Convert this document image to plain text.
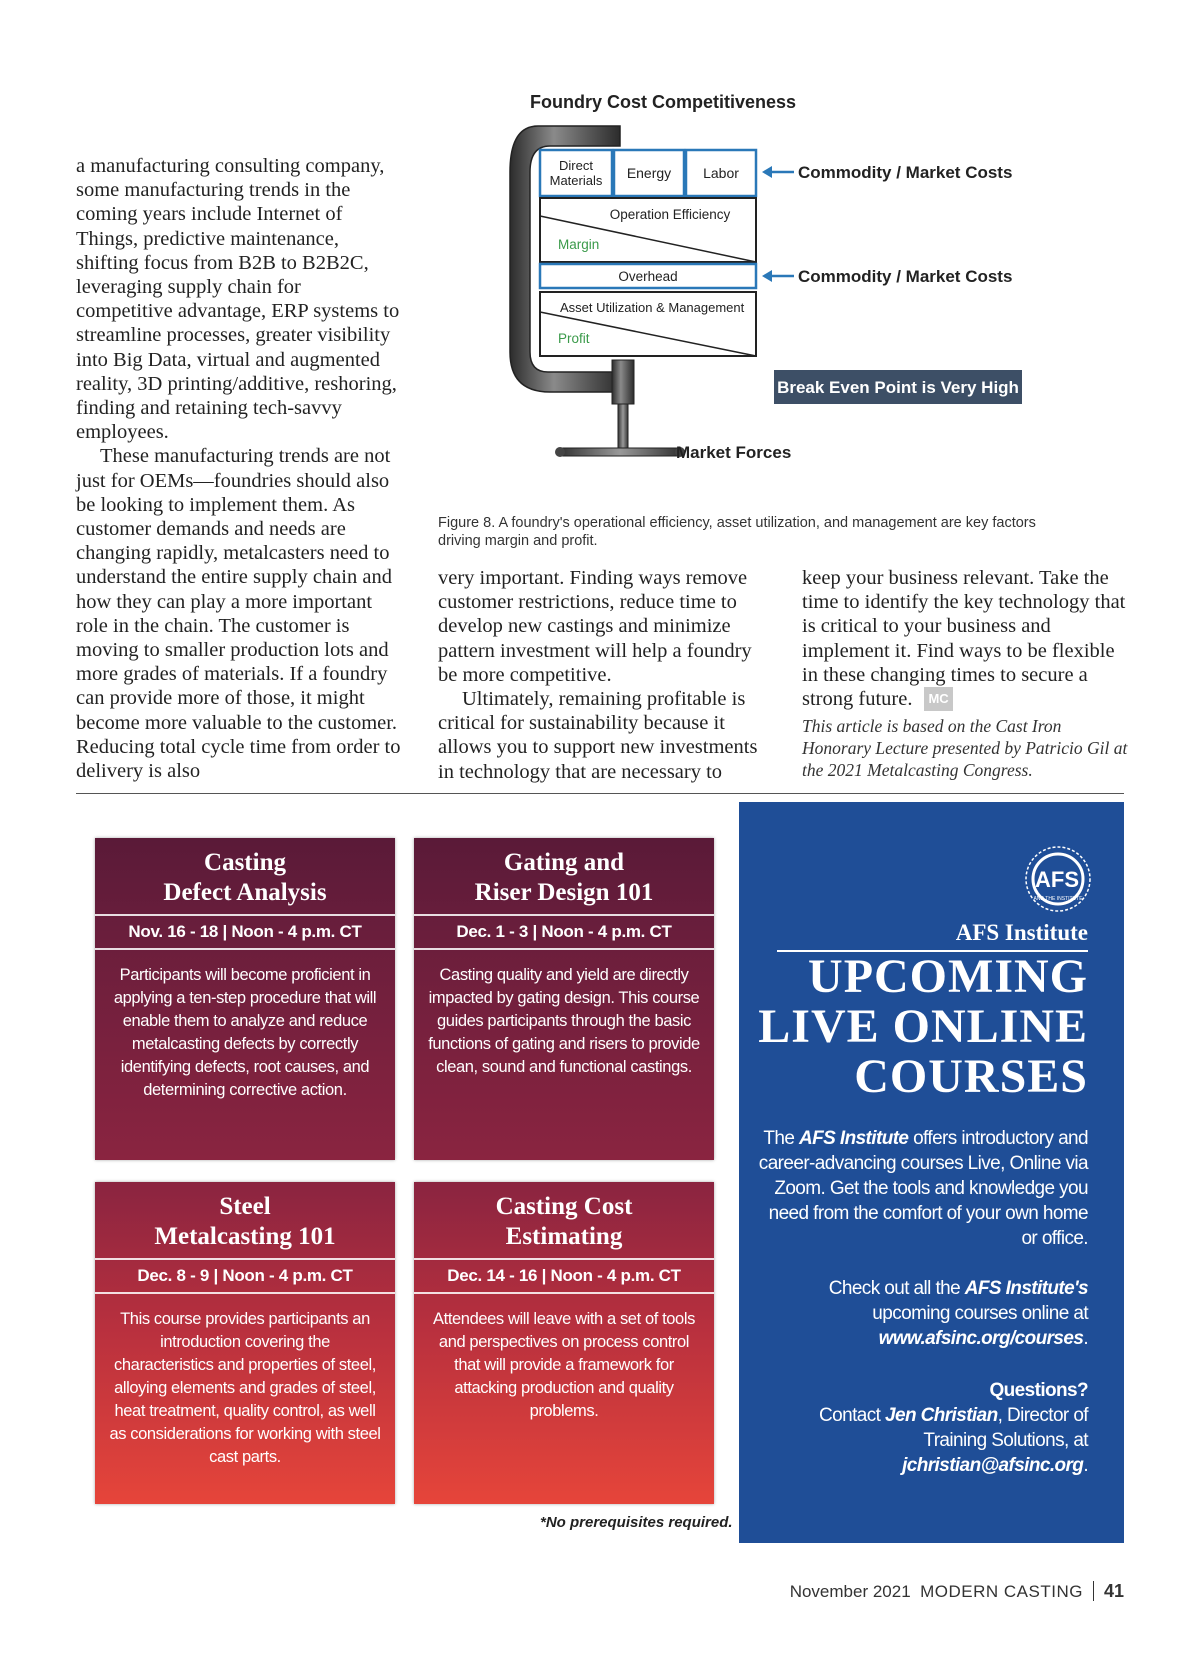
a manufacturing consulting company, some manufacturing trends in the coming years include Internet of Things, predictive maintenance, shifting focus from B2B to B2B2C, leveraging supply chain for competitive advantage, ERP systems to streamline processes, greater visibility into Big Data, virtual and augmented reality, 3D printing/additive, reshoring, finding and retaining tech-savvy employees.

These manufacturing trends are not just for OEMs—foundries should also be looking to implement them. As customer demands and needs are changing rapidly, metalcasters need to understand the entire supply chain and how they can play a more important role in the chain. The customer is moving to smaller production lots and more grades of materials. If a foundry can provide more of those, it might become more valuable to the customer. Reducing total cycle time from order to delivery is also

Foundry Cost Competitiveness
Direct
Materials Energy Labor
Operation Efficiency
Margin
Overhead
Asset Utilization & Management
Profit
Commodity / Market Costs
Commodity / Market Costs
Break Even Point is Very High
Market Forces
Figure 8. A foundry's operational efficiency, asset utilization, and management are key factors driving margin and profit.

very important. Finding ways remove customer restrictions, reduce time to develop new castings and minimize pattern investment will help a foundry be more competitive.

Ultimately, remaining profitable is critical for sustainability because it allows you to support new investments in technology that are necessary to

keep your business relevant. Take the time to identify the key technology that is critical to your business and implement it. Find ways to be flexible in these changing times to secure a strong future. MC

This article is based on the Cast Iron Honorary Lecture presented by Patricio Gil at the 2021 Metalcasting Congress.

Casting
Defect Analysis
Nov. 16 - 18 | Noon - 4 p.m. CT
Participants will become proficient in applying a ten-step procedure that will enable them to analyze and reduce metalcasting defects by correctly identifying defects, root causes, and determining corrective action.
Gating and
Riser Design 101
Dec. 1 - 3 | Noon - 4 p.m. CT
Casting quality and yield are directly impacted by gating design. This course guides participants through the basic functions of gating and risers to provide clean, sound and functional castings.
Steel
Metalcasting 101
Dec. 8 - 9 | Noon - 4 p.m. CT
This course provides participants an introduction covering the characteristics and properties of steel, alloying elements and grades of steel, heat treatment, quality control, as well as considerations for working with steel cast parts.
Casting Cost
Estimating
Dec. 14 - 16 | Noon - 4 p.m. CT
Attendees will leave with a set of tools and perspectives on process control that will provide a framework for attacking production and quality problems.
*No prerequisites required.
AFS
AND THE INSTITUTE
AFS Institute
UPCOMING
LIVE ONLINE
COURSES
The AFS Institute offers introductory and career-advancing courses Live, Online via Zoom. Get the tools and knowledge you need from the comfort of your own home or office.
Check out all the AFS Institute's upcoming courses online at www.afsinc.org/courses.
Questions?
Contact Jen Christian, Director of Training Solutions, at jchristian@afsinc.org.
November 2021 MODERN CASTING 41
